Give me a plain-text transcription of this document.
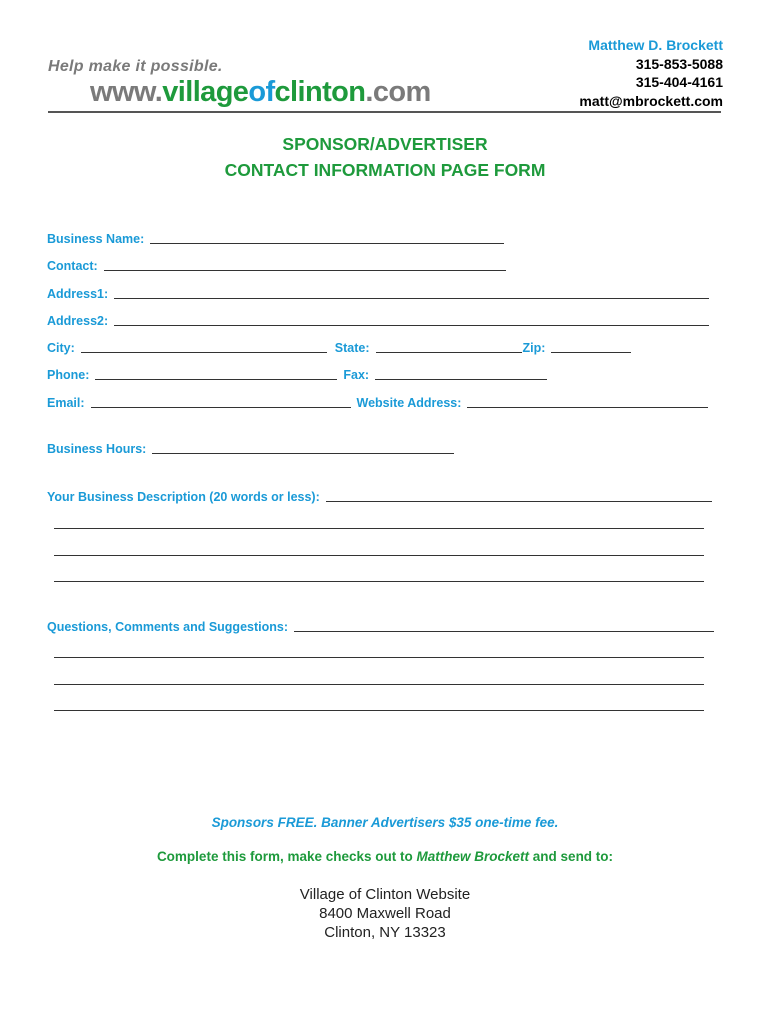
Help make it possible.
www.villageofclinton.com
Matthew D. Brockett
315-853-5088
315-404-4161
matt@mbrockett.com
SPONSOR/ADVERTISER
CONTACT INFORMATION PAGE FORM
Business Name:
Contact:
Address1:
Address2:
City:	State:	Zip:
Phone:	Fax:
Email:	Website Address:
Business Hours:
Your Business Description (20 words or less):
Questions, Comments and Suggestions:
Sponsors FREE. Banner Advertisers $35 one-time fee.
Complete this form, make checks out to Matthew Brockett and send to:
Village of Clinton Website
8400 Maxwell Road
Clinton, NY 13323
